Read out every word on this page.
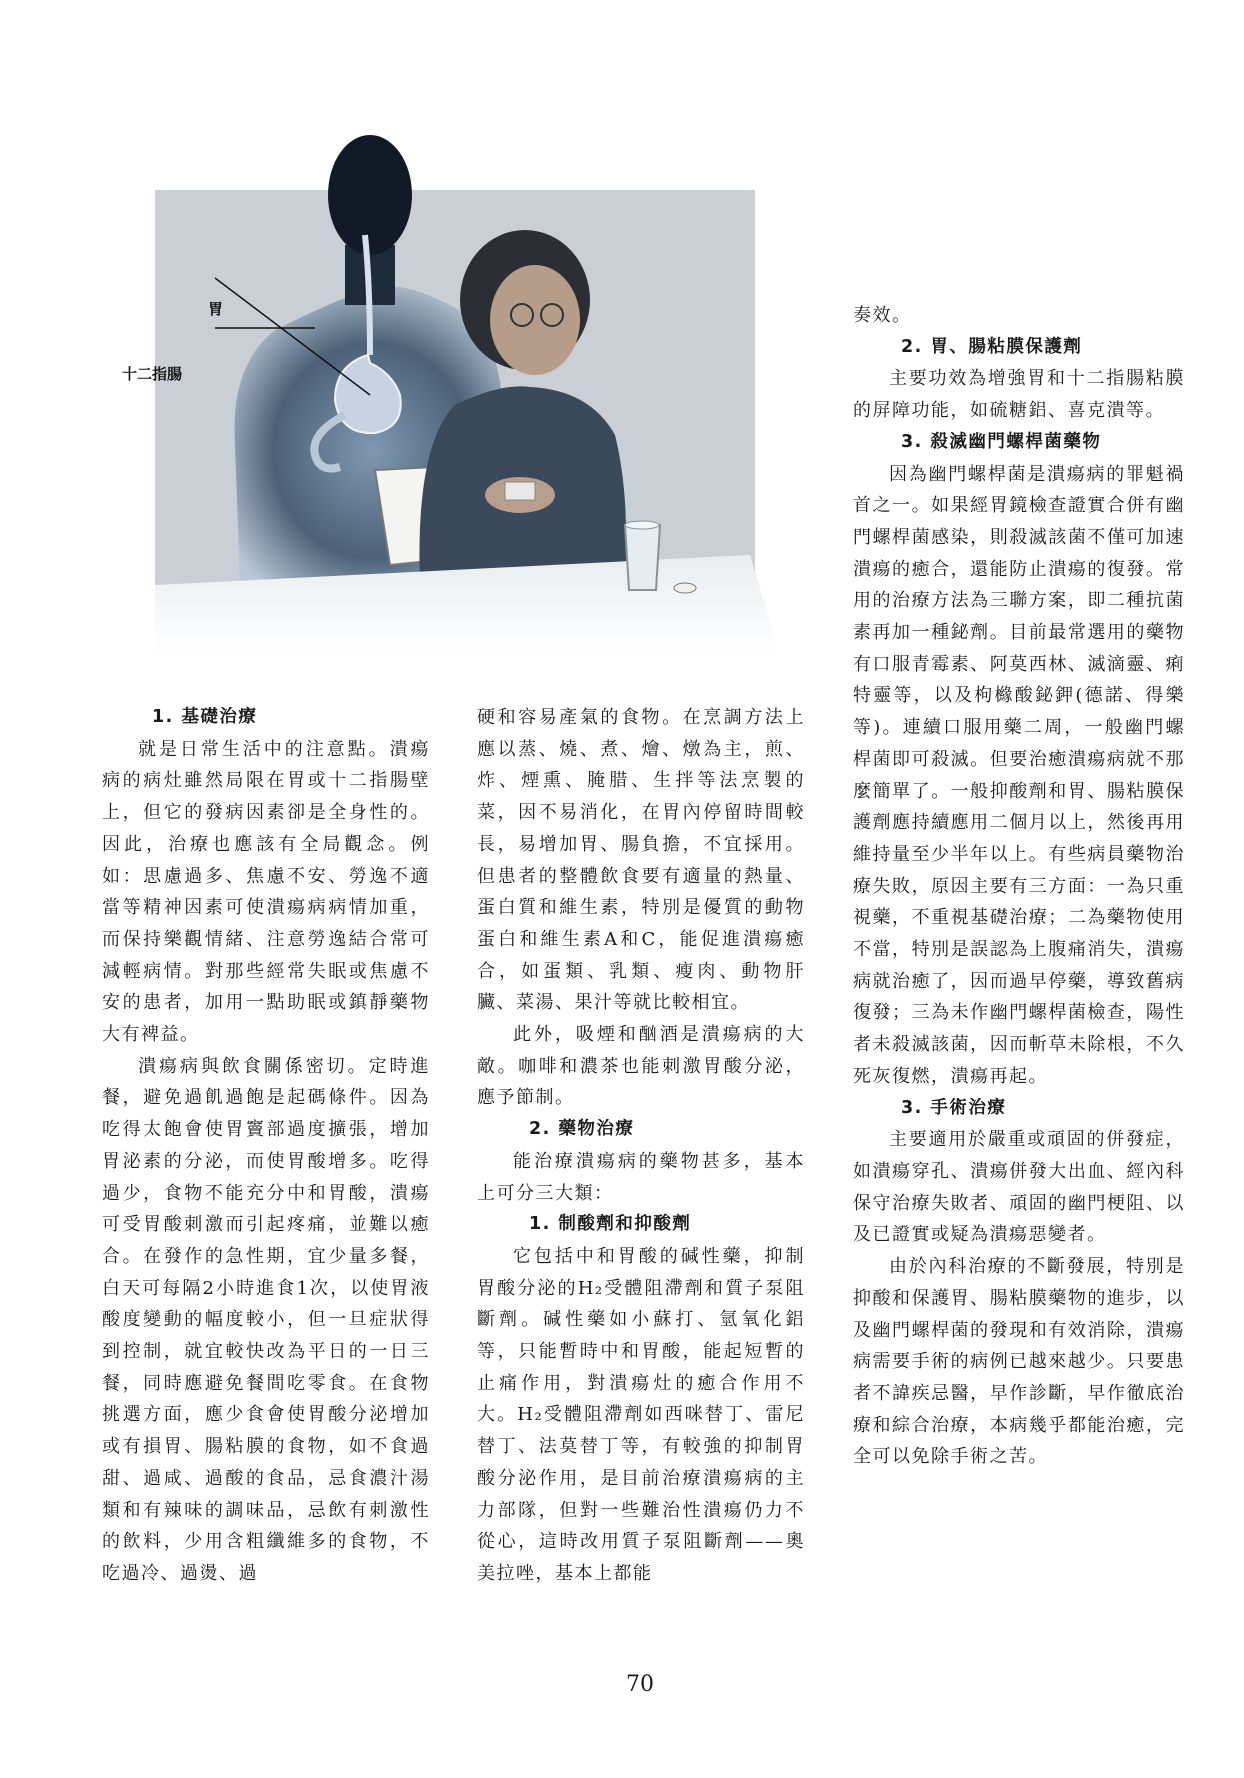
胃
十二指腸
1. 基礎治療

就是日常生活中的注意點。潰瘍病的病灶雖然局限在胃或十二指腸壁上，但它的發病因素卻是全身性的。因此，治療也應該有全局觀念。例如：思慮過多、焦慮不安、勞逸不適當等精神因素可使潰瘍病病情加重，而保持樂觀情緒、注意勞逸結合常可減輕病情。對那些經常失眠或焦慮不安的患者，加用一點助眠或鎮靜藥物大有裨益。

潰瘍病與飲食關係密切。定時進餐，避免過飢過飽是起碼條件。因為吃得太飽會使胃竇部過度擴張，增加胃泌素的分泌，而使胃酸增多。吃得過少，食物不能充分中和胃酸，潰瘍可受胃酸刺激而引起疼痛，並難以癒合。在發作的急性期，宜少量多餐，白天可每隔2小時進食1次，以使胃液酸度變動的幅度較小，但一旦症狀得到控制，就宜較快改為平日的一日三餐，同時應避免餐間吃零食。在食物挑選方面，應少食會使胃酸分泌增加或有損胃、腸粘膜的食物，如不食過甜、過咸、過酸的食品，忌食濃汁湯類和有辣味的調味品，忌飲有刺激性的飲料，少用含粗纖維多的食物，不吃過冷、過燙、過

硬和容易產氣的食物。在烹調方法上應以蒸、燒、煮、燴、燉為主，煎、炸、煙熏、腌腊、生拌等法烹製的菜，因不易消化，在胃內停留時間較長，易增加胃、腸負擔，不宜採用。但患者的整體飲食要有適量的熱量、蛋白質和維生素，特別是優質的動物蛋白和維生素A和C，能促進潰瘍癒合，如蛋類、乳類、瘦肉、動物肝臟、菜湯、果汁等就比較相宜。

此外，吸煙和酗酒是潰瘍病的大敵。咖啡和濃茶也能刺激胃酸分泌，應予節制。

2. 藥物治療

能治療潰瘍病的藥物甚多，基本上可分三大類：

1. 制酸劑和抑酸劑

它包括中和胃酸的碱性藥，抑制胃酸分泌的H₂受體阻滯劑和質子泵阻斷劑。碱性藥如小蘇打、氫氧化鋁等，只能暫時中和胃酸，能起短暫的止痛作用，對潰瘍灶的癒合作用不大。H₂受體阻滯劑如西咪替丁、雷尼替丁、法莫替丁等，有較強的抑制胃酸分泌作用，是目前治療潰瘍病的主力部隊，但對一些難治性潰瘍仍力不從心，這時改用質子泵阻斷劑——奧美拉唑，基本上都能

奏效。

2. 胃、腸粘膜保護劑

主要功效為增強胃和十二指腸粘膜的屏障功能，如硫糖鋁、喜克潰等。

3. 殺滅幽門螺桿菌藥物

因為幽門螺桿菌是潰瘍病的罪魁禍首之一。如果經胃鏡檢查證實合併有幽門螺桿菌感染，則殺滅該菌不僅可加速潰瘍的癒合，還能防止潰瘍的復發。常用的治療方法為三聯方案，即二種抗菌素再加一種鉍劑。目前最常選用的藥物有口服青霉素、阿莫西林、滅滴靈、痢特靈等，以及枸櫞酸鉍鉀(德諾、得樂等)。連續口服用藥二周，一般幽門螺桿菌即可殺滅。但要治癒潰瘍病就不那麼簡單了。一般抑酸劑和胃、腸粘膜保護劑應持續應用二個月以上，然後再用維持量至少半年以上。有些病員藥物治療失敗，原因主要有三方面：一為只重視藥，不重視基礎治療；二為藥物使用不當，特別是誤認為上腹痛消失，潰瘍病就治癒了，因而過早停藥，導致舊病復發；三為未作幽門螺桿菌檢查，陽性者未殺滅該菌，因而斬草未除根，不久死灰復燃，潰瘍再起。

3. 手術治療

主要適用於嚴重或頑固的併發症，如潰瘍穿孔、潰瘍併發大出血、經內科保守治療失敗者、頑固的幽門梗阻、以及已證實或疑為潰瘍惡變者。

由於內科治療的不斷發展，特別是抑酸和保護胃、腸粘膜藥物的進步，以及幽門螺桿菌的發現和有效消除，潰瘍病需要手術的病例已越來越少。只要患者不諱疾忌醫，早作診斷，早作徹底治療和綜合治療，本病幾乎都能治癒，完全可以免除手術之苦。

70
